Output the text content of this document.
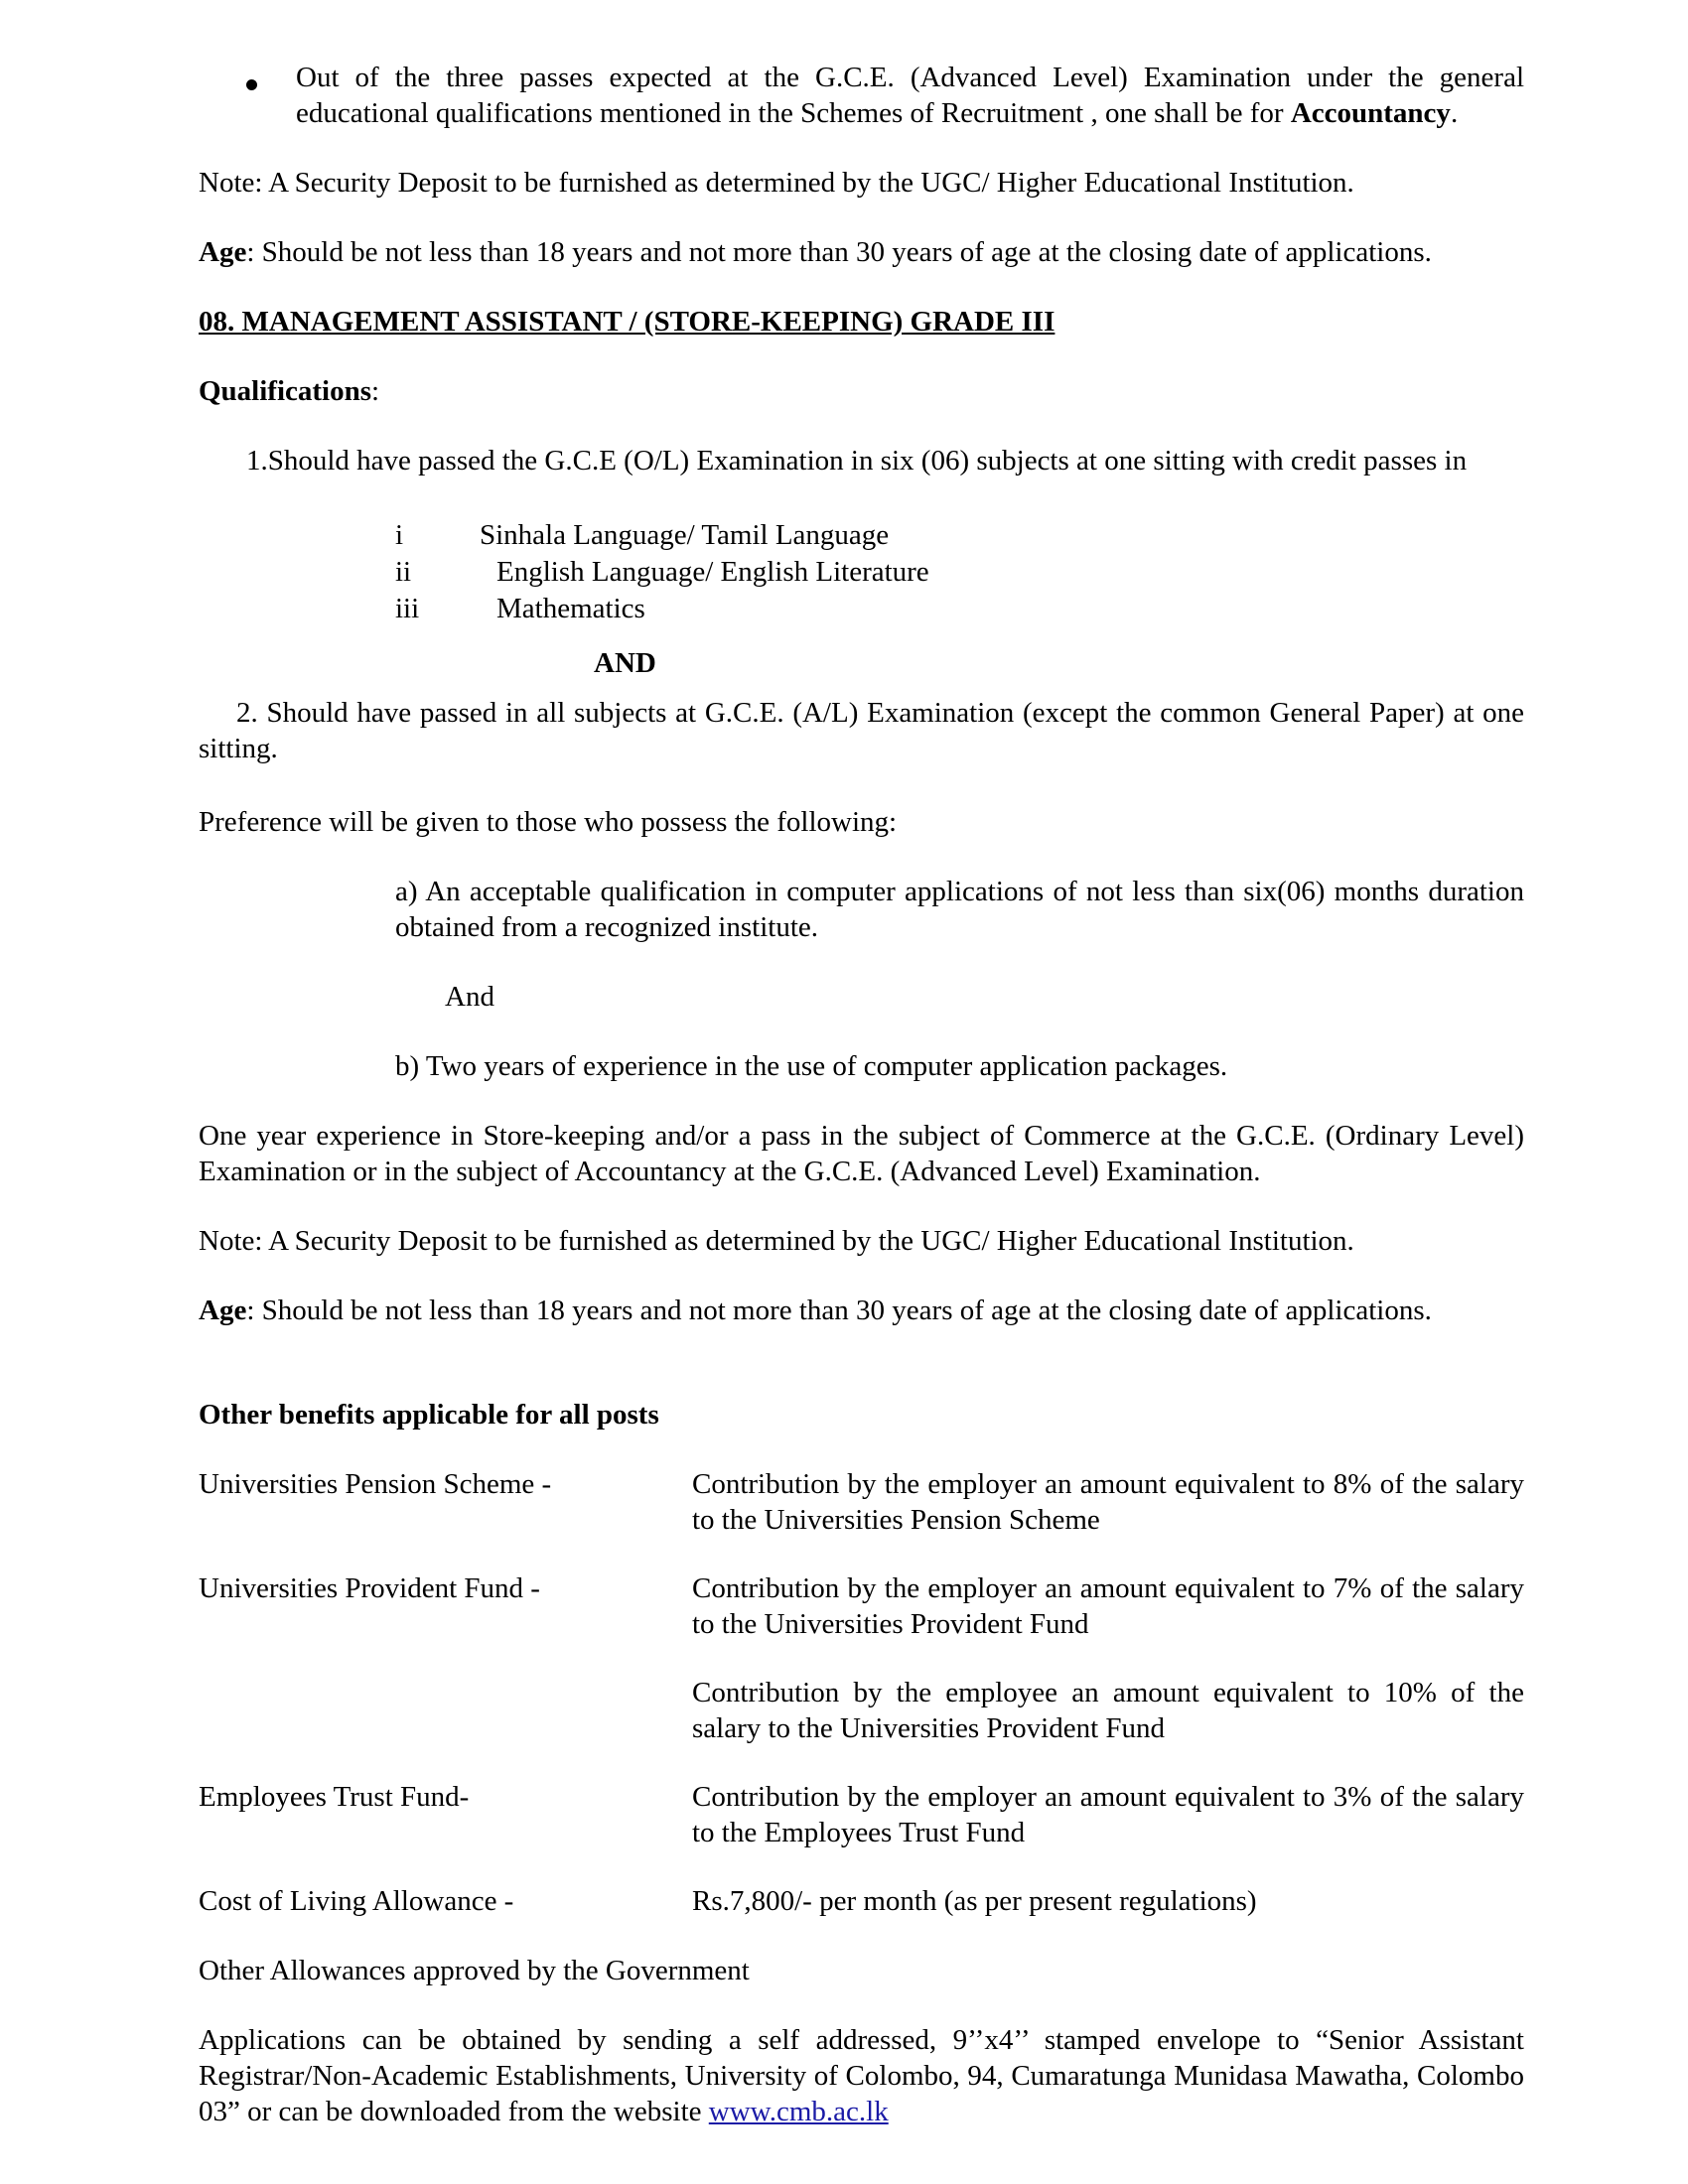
Out of the three passes expected at the G.C.E. (Advanced Level) Examination under the general educational qualifications mentioned in the Schemes of Recruitment , one shall be for Accountancy.

Note: A Security Deposit to be furnished as determined by the UGC/ Higher Educational Institution.

Age: Should be not less than 18 years and not more than 30 years of age at the closing date of applications.

08. MANAGEMENT ASSISTANT / (STORE-KEEPING) GRADE III

Qualifications:

1.Should have passed the G.C.E (O/L) Examination in six (06) subjects at one sitting with credit passes in

i	Sinhala Language/ Tamil Language
ii	English Language/ English Literature
iii	Mathematics
AND

2. Should have passed in all subjects at G.C.E. (A/L) Examination (except the common General Paper) at one sitting.

Preference will be given to those who possess the following:

a) An acceptable qualification in computer applications of not less than six(06) months duration obtained from a recognized institute.

And

b) Two years of experience in the use of computer application packages.

One year experience in Store-keeping and/or a pass in the subject of Commerce at the G.C.E. (Ordinary Level) Examination or in the subject of Accountancy at the G.C.E. (Advanced Level) Examination.

Note: A Security Deposit to be furnished as determined by the UGC/ Higher Educational Institution.

Age: Should be not less than 18 years and not more than 30 years of age at the closing date of applications.

Other benefits applicable for all posts

Universities Pension Scheme -	Contribution by the employer an amount equivalent to 8% of the salary to the Universities Pension Scheme
Universities Provident Fund -	Contribution by the employer an amount equivalent to 7% of the salary to the Universities Provident Fund
Contribution by the employee an amount equivalent to 10% of the salary to the Universities Provident Fund
Employees Trust Fund-	Contribution by the employer an amount equivalent to 3% of the salary to the Employees Trust Fund
Cost of Living Allowance -	Rs.7,800/- per month (as per present regulations)

Other Allowances approved by the Government

Applications can be obtained by sending a self addressed, 9’’x4’’ stamped envelope to “Senior Assistant Registrar/Non-Academic Establishments, University of Colombo, 94, Cumaratunga Munidasa Mawatha, Colombo 03” or can be downloaded from the website www.cmb.ac.lk
